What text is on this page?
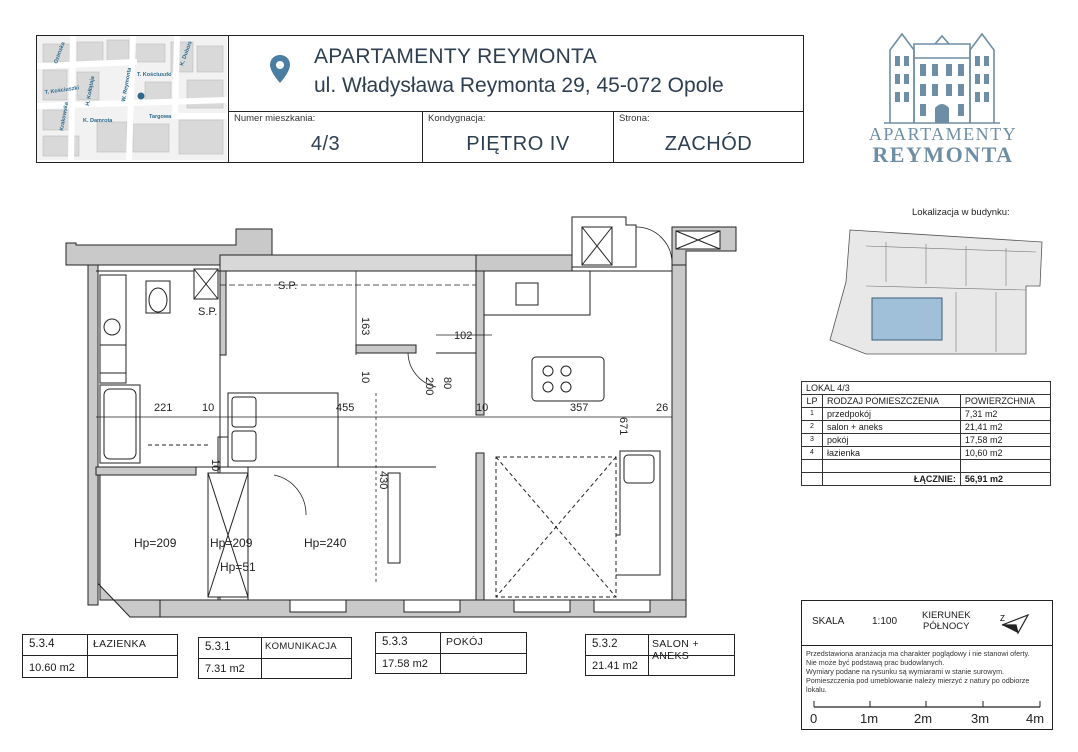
Ozimska
T. Kościuszki
W. Reymonta
H. Kołłątaja
Krakowska K. Damrota
Targowa
K. Dubois
T. Kościuszki
APARTAMENTY REYMONTA
ul. Władysława Reymonta 29, 45-072 Opole
Numer mieszkania:
4/3
Kondygnacja:
PIĘTRO IV
Strona:
ZACHÓD	APARTAMENTY
REYMONTA
Lokalizacja w budynku:
LOKAL 4/3		
LP	RODZAJ POMIESZCZENIA	POWIERZCHNIA
1	przedpokój	7,31 m2
2	salon + aneks	21,41 m2
3	pokój	17,58 m2
4	łazienka	10,60 m2

	ŁĄCZNIE:	56,91 m2
221	10	455	10	357	26
163
10
102
80
200
671
430
10
S.P.
S.P.
Hp=209	Hp=209
Hp=51
Hp=240
5.3.4	ŁAZIENKA
10.60 m2
5.3.1	KOMUNIKACJA
7.31 m2
5.3.3	POKÓJ
17.58 m2
5.3.2	SALON + ANEKS
21.41 m2
SKALA	1:100
KIERUNEK
PÓŁNOCY
Z
Przedstawiona aranżacja ma charakter poglądowy i nie stanowi oferty.
Nie może być podstawą prac budowlanych.
Wymiary podane na rysunku są wymiarami w stanie surowym.
Pomieszczenia pod umeblowanie należy mierzyć z natury po odbiorze lokalu.
0	1m	2m	3m	4m
